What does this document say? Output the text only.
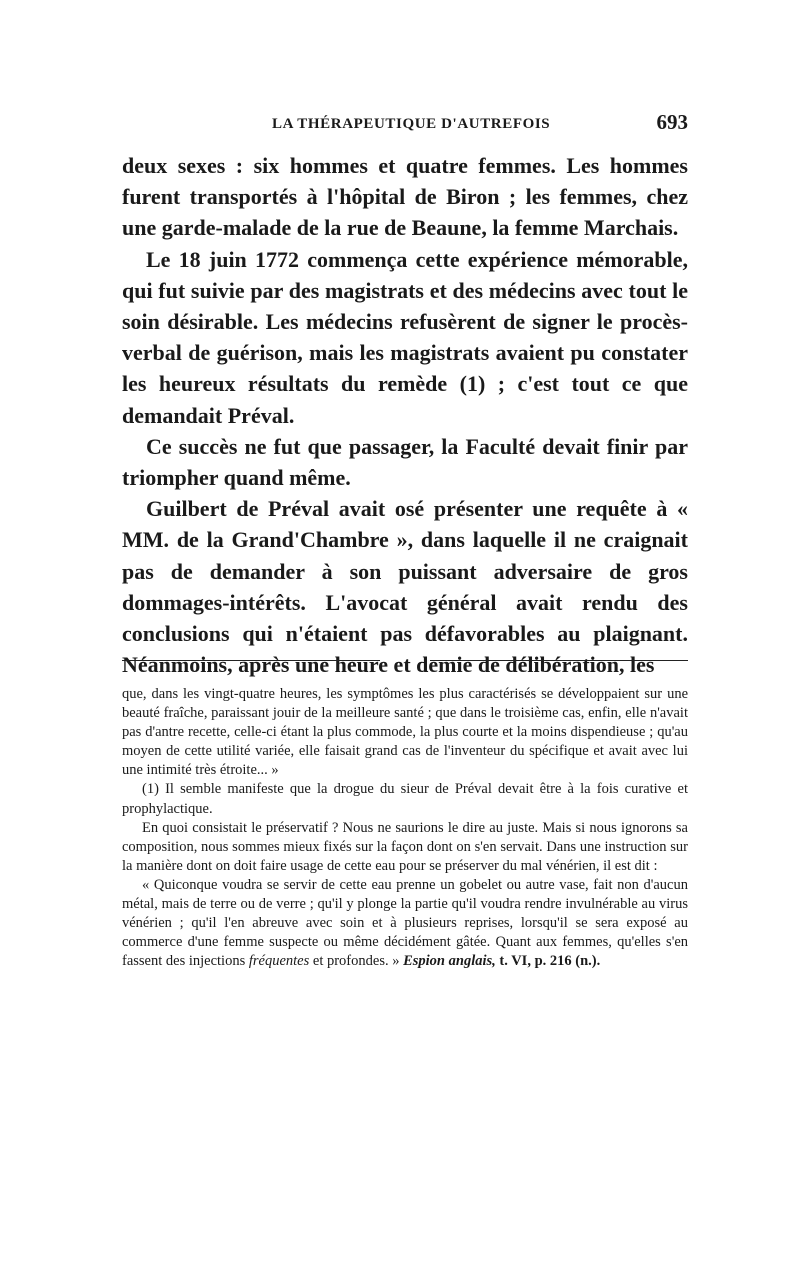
LA THÉRAPEUTIQUE D'AUTREFOIS	693

deux sexes : six hommes et quatre femmes. Les hommes furent transportés à l'hôpital de Biron ; les femmes, chez une garde-malade de la rue de Beaune, la femme Marchais.

Le 18 juin 1772 commença cette expérience mémorable, qui fut suivie par des magistrats et des médecins avec tout le soin désirable. Les médecins refusèrent de signer le procès-verbal de guérison, mais les magistrats avaient pu constater les heureux résultats du remède (1) ; c'est tout ce que demandait Préval.

Ce succès ne fut que passager, la Faculté devait finir par triompher quand même.

Guilbert de Préval avait osé présenter une requête à « MM. de la Grand'Chambre », dans laquelle il ne craignait pas de demander à son puissant adversaire de gros dommages-intérêts. L'avocat général avait rendu des conclusions qui n'étaient pas défavorables au plaignant. Néanmoins, après une heure et demie de délibération, les

que, dans les vingt-quatre heures, les symptômes les plus caractérisés se développaient sur une beauté fraîche, paraissant jouir de la meilleure santé ; que dans le troisième cas, enfin, elle n'avait pas d'antre recette, celle-ci étant la plus commode, la plus courte et la moins dispendieuse ; qu'au moyen de cette utilité variée, elle faisait grand cas de l'inventeur du spécifique et avait avec lui une intimité très étroite... »

(1) Il semble manifeste que la drogue du sieur de Préval devait être à la fois curative et prophylactique.

En quoi consistait le préservatif ? Nous ne saurions le dire au juste. Mais si nous ignorons sa composition, nous sommes mieux fixés sur la façon dont on s'en servait. Dans une instruction sur la manière dont on doit faire usage de cette eau pour se préserver du mal vénérien, il est dit :

« Quiconque voudra se servir de cette eau prenne un gobelet ou autre vase, fait non d'aucun métal, mais de terre ou de verre ; qu'il y plonge la partie qu'il voudra rendre invulnérable au virus vénérien ; qu'il l'en abreuve avec soin et à plusieurs reprises, lorsqu'il se sera exposé au commerce d'une femme suspecte ou même décidément gâtée. Quant aux femmes, qu'elles s'en fassent des injections fréquentes et profondes. » Espion anglais, t. VI, p. 216 (n.).
